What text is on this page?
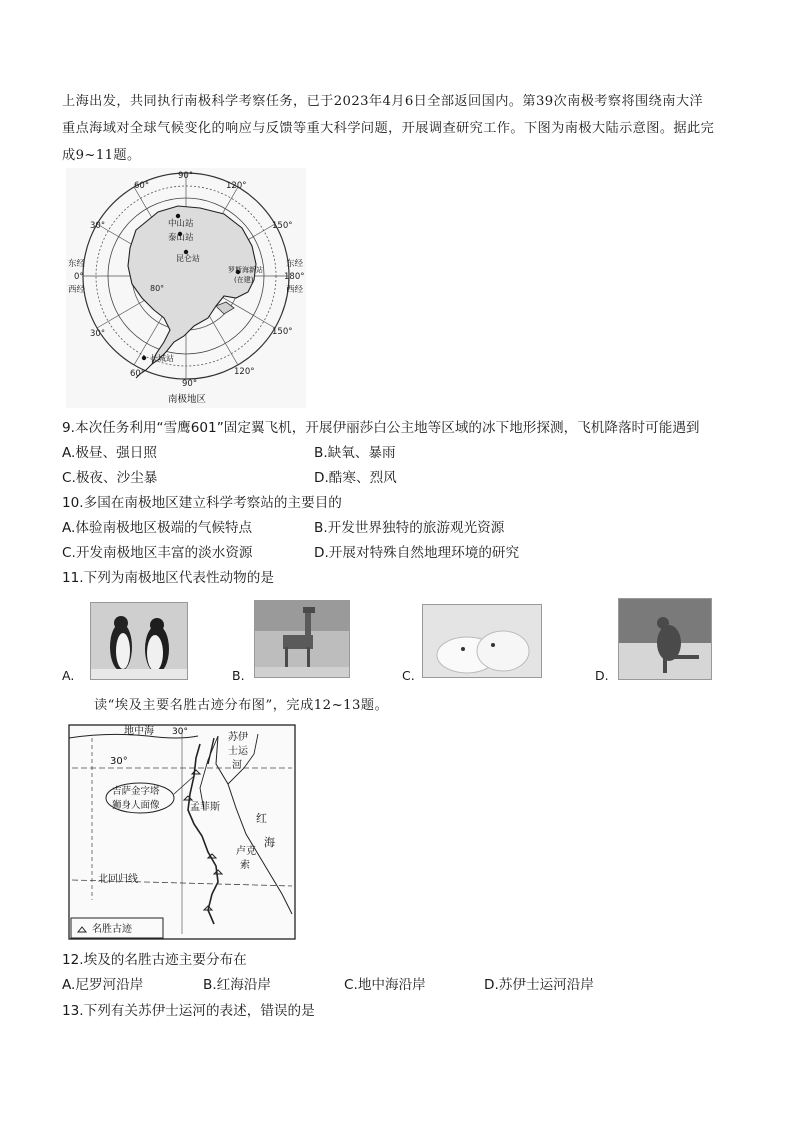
上海出发，共同执行南极科学考察任务，已于2023年4月6日全部返回国内。第39次南极考察将围绕南大洋
重点海域对全球气候变化的响应与反馈等重大科学问题，开展调查研究工作。下图为南极大陆示意图。据此完
成9~11题。
90°
60°	120°
30°
30°
150°
150°
90°
60°	120°
东经
0°
西经
东经
180°
西经
80°
中山站
泰山站
昆仑站
罗斯海新站
(在建)
长城站
南极地区
9.本次任务利用“雪鹰601”固定翼飞机，开展伊丽莎白公主地等区域的冰下地形探测，飞机降落时可能遇到
A.极昼、强日照	B.缺氧、暴雨
C.极夜、沙尘暴	D.酷寒、烈风
10.多国在南极地区建立科学考察站的主要目的
A.体验南极地区极端的气候特点	B.开发世界独特的旅游观光资源
C.开发南极地区丰富的淡水资源	D.开展对特殊自然地理环境的研究
11.下列为南极地区代表性动物的是
A.	B.	C.	D.
读“埃及主要名胜古迹分布图”，完成12~13题。
地中海 30°
30°
苏伊
士运
河
吉萨金字塔
狮身人面像	孟菲斯
红
海
卢克
索
北回归线
名胜古迹
12.埃及的名胜古迹主要分布在
A.尼罗河沿岸	B.红海沿岸	C.地中海沿岸	D.苏伊士运河沿岸
13.下列有关苏伊士运河的表述，错误的是
